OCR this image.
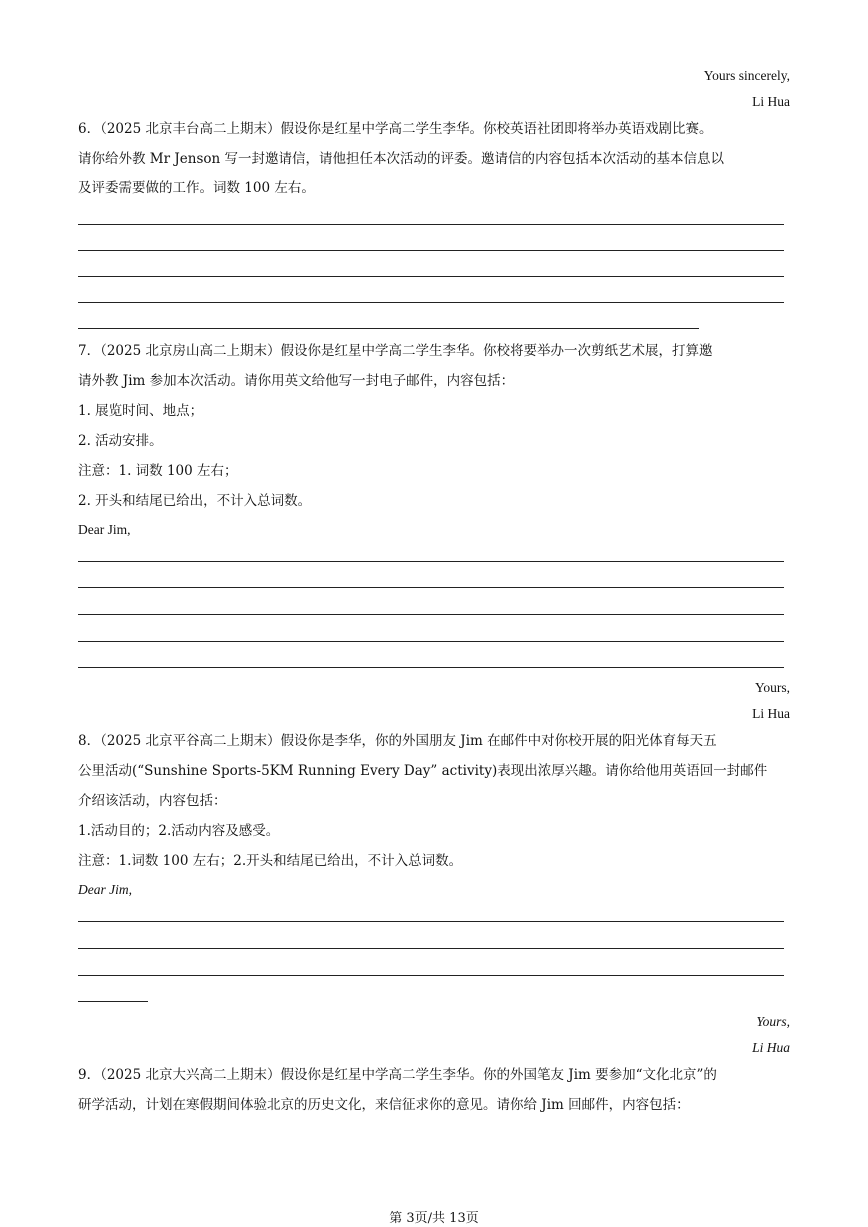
Yours sincerely,
Li Hua
6．（2025 北京丰台高二上期末）假设你是红星中学高二学生李华。你校英语社团即将举办英语戏剧比赛。
请你给外教 Mr Jenson 写一封邀请信，请他担任本次活动的评委。邀请信的内容包括本次活动的基本信息以
及评委需要做的工作。词数 100 左右。
7．（2025 北京房山高二上期末）假设你是红星中学高二学生李华。你校将要举办一次剪纸艺术展，打算邀
请外教 Jim 参加本次活动。请你用英文给他写一封电子邮件，内容包括：
1. 展览时间、地点；
2. 活动安排。
注意：1. 词数 100 左右；
2. 开头和结尾已给出，不计入总词数。
Dear Jim,
Yours,
Li Hua
8．（2025 北京平谷高二上期末）假设你是李华，你的外国朋友 Jim 在邮件中对你校开展的阳光体育每天五
公里活动(“Sunshine Sports-5KM Running Every Day” activity)表现出浓厚兴趣。请你给他用英语回一封邮件
介绍该活动，内容包括：
1.活动目的；2.活动内容及感受。
注意：1.词数 100 左右；2.开头和结尾已给出，不计入总词数。
Dear Jim,
Yours,
Li Hua
9．（2025 北京大兴高二上期末）假设你是红星中学高二学生李华。你的外国笔友 Jim 要参加“文化北京”的
研学活动，计划在寒假期间体验北京的历史文化，来信征求你的意见。请你给 Jim 回邮件，内容包括：
第 3页/共 13页
